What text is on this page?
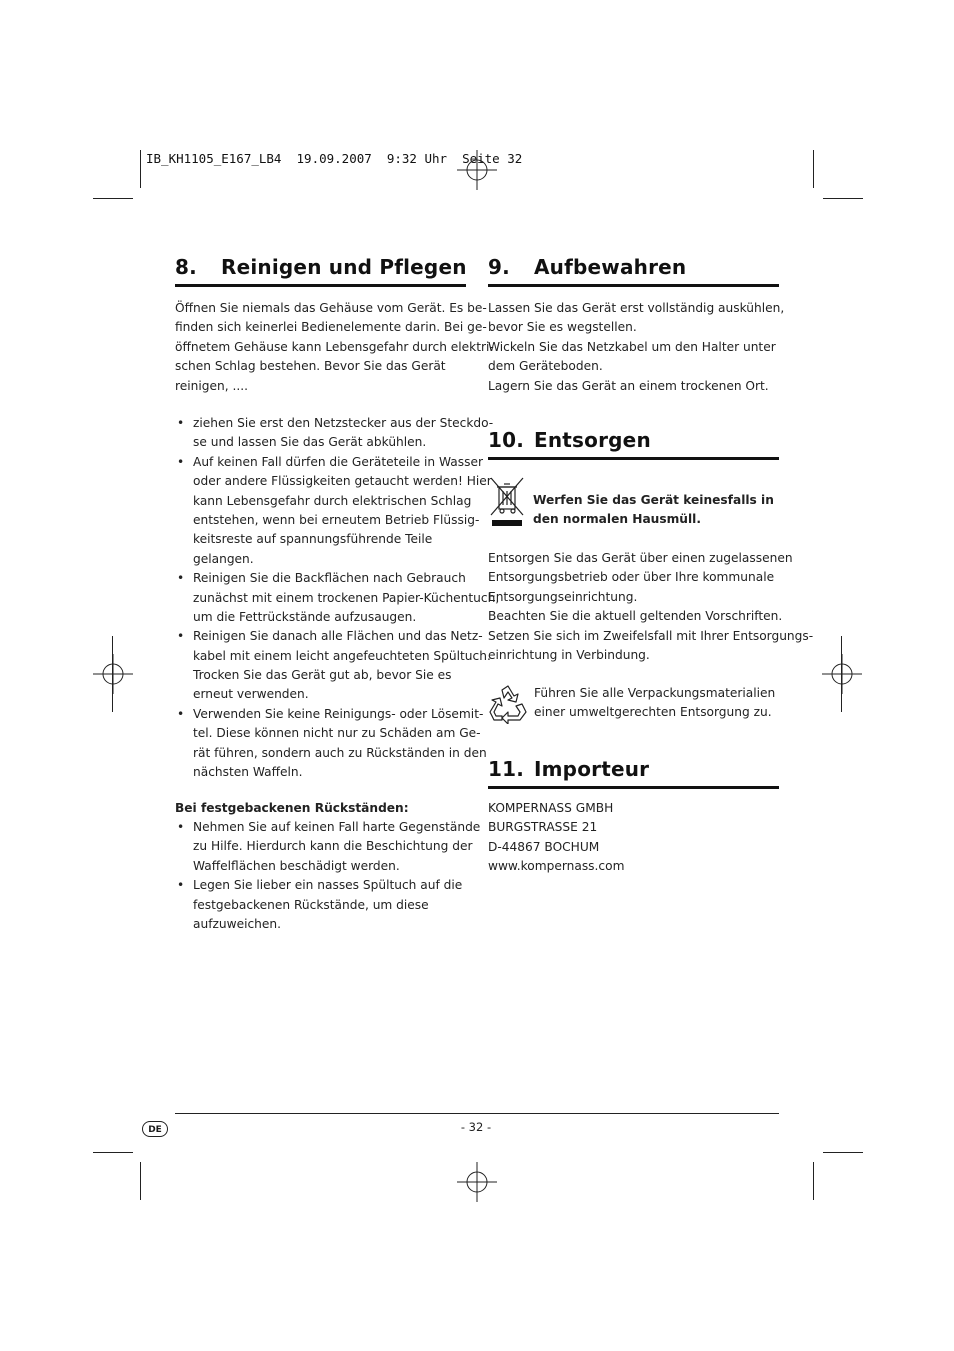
IB_KH1105_E167_LB4  19.09.2007  9:32 Uhr  Seite 32
8. Reinigen und Pflegen
Öffnen Sie niemals das Gehäuse vom Gerät. Es be-
finden sich keinerlei Bedienelemente darin. Bei ge-
öffnetem Gehäuse kann Lebensgefahr durch elektri-
schen Schlag bestehen. Bevor Sie das Gerät
reinigen, ....
• ziehen Sie erst den Netzstecker aus der Steckdo-
se und lassen Sie das Gerät abkühlen.
• Auf keinen Fall dürfen die Geräteteile in Wasser
oder andere Flüssigkeiten getaucht werden! Hier
kann Lebensgefahr durch elektrischen Schlag
entstehen, wenn bei erneutem Betrieb Flüssig-
keitsreste auf spannungsführende Teile
gelangen.
• Reinigen Sie die Backflächen nach Gebrauch
zunächst mit einem trockenen Papier-Küchentuch,
um die Fettrückstände aufzusaugen.
• Reinigen Sie danach alle Flächen und das Netz-
kabel mit einem leicht angefeuchteten Spültuch.
Trocken Sie das Gerät gut ab, bevor Sie es
erneut verwenden.
• Verwenden Sie keine Reinigungs- oder Lösemit-
tel. Diese können nicht nur zu Schäden am Ge-
rät führen, sondern auch zu Rückständen in den
nächsten Waffeln.
Bei festgebackenen Rückständen:
• Nehmen Sie auf keinen Fall harte Gegenstände
zu Hilfe. Hierdurch kann die Beschichtung der
Waffelflächen beschädigt werden.
• Legen Sie lieber ein nasses Spültuch auf die
festgebackenen Rückstände, um diese
aufzuweichen.
9. Aufbewahren
Lassen Sie das Gerät erst vollständig auskühlen,
bevor Sie es wegstellen.
Wickeln Sie das Netzkabel um den Halter unter
dem Geräteboden.
Lagern Sie das Gerät an einem trockenen Ort.
10. Entsorgen
Werfen Sie das Gerät keinesfalls in
den normalen Hausmüll.
Entsorgen Sie das Gerät über einen zugelassenen
Entsorgungsbetrieb oder über Ihre kommunale
Entsorgungseinrichtung.
Beachten Sie die aktuell geltenden Vorschriften.
Setzen Sie sich im Zweifelsfall mit Ihrer Entsorgungs-
einrichtung in Verbindung.
Führen Sie alle Verpackungsmaterialien
einer umweltgerechten Entsorgung zu.
11. Importeur
KOMPERNASS GMBH
BURGSTRASSE 21
D-44867 BOCHUM
www.kompernass.com
DE	- 32 -
